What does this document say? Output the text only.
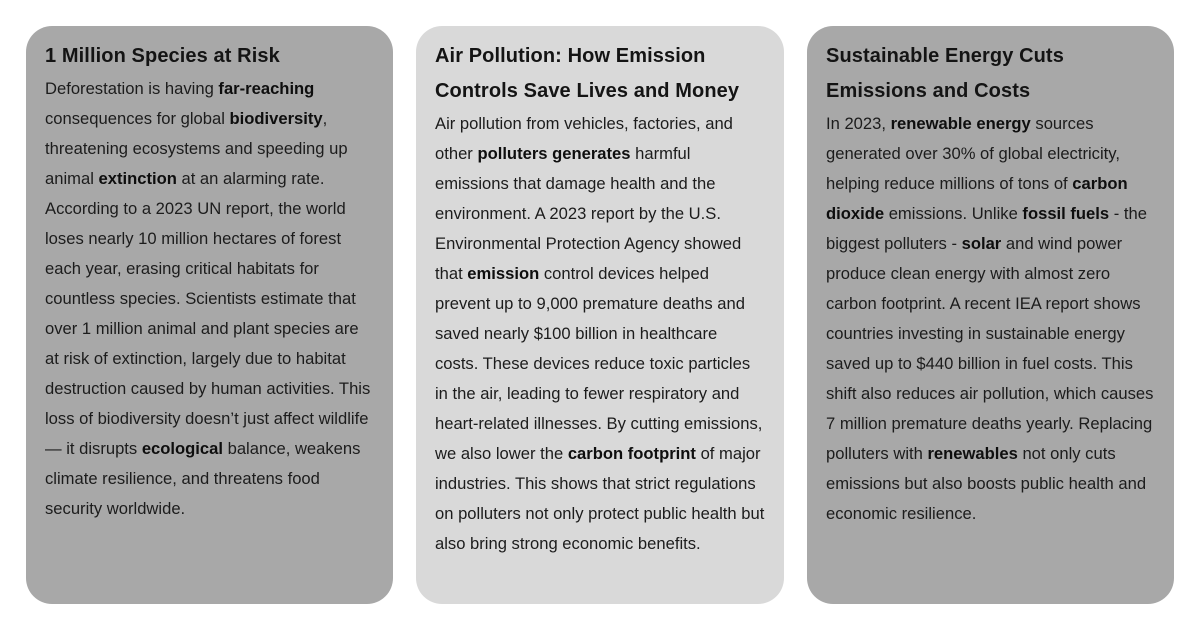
1 Million Species at Risk

Deforestation is having far-reaching consequences for global biodiversity, threatening ecosystems and speeding up animal extinction at an alarming rate. According to a 2023 UN report, the world loses nearly 10 million hectares of forest each year, erasing critical habitats for countless species. Scientists estimate that over 1 million animal and plant species are at risk of extinction, largely due to habitat destruction caused by human activities. This loss of biodiversity doesn’t just affect wildlife — it disrupts ecological balance, weakens climate resilience, and threatens food security worldwide.

Air Pollution: How Emission Controls Save Lives and Money

Air pollution from vehicles, factories, and other polluters generates harmful emissions that damage health and the environment. A 2023 report by the U.S. Environmental Protection Agency showed that emission control devices helped prevent up to 9,000 premature deaths and saved nearly $100 billion in healthcare costs. These devices reduce toxic particles in the air, leading to fewer respiratory and heart-related illnesses. By cutting emissions, we also lower the carbon footprint of major industries. This shows that strict regulations on polluters not only protect public health but also bring strong economic benefits.

Sustainable Energy Cuts Emissions and Costs

In 2023, renewable energy sources generated over 30% of global electricity, helping reduce millions of tons of carbon dioxide emissions. Unlike fossil fuels - the biggest polluters - solar and wind power produce clean energy with almost zero carbon footprint. A recent IEA report shows countries investing in sustainable energy saved up to $440 billion in fuel costs. This shift also reduces air pollution, which causes 7 million premature deaths yearly. Replacing polluters with renewables not only cuts emissions but also boosts public health and economic resilience.
